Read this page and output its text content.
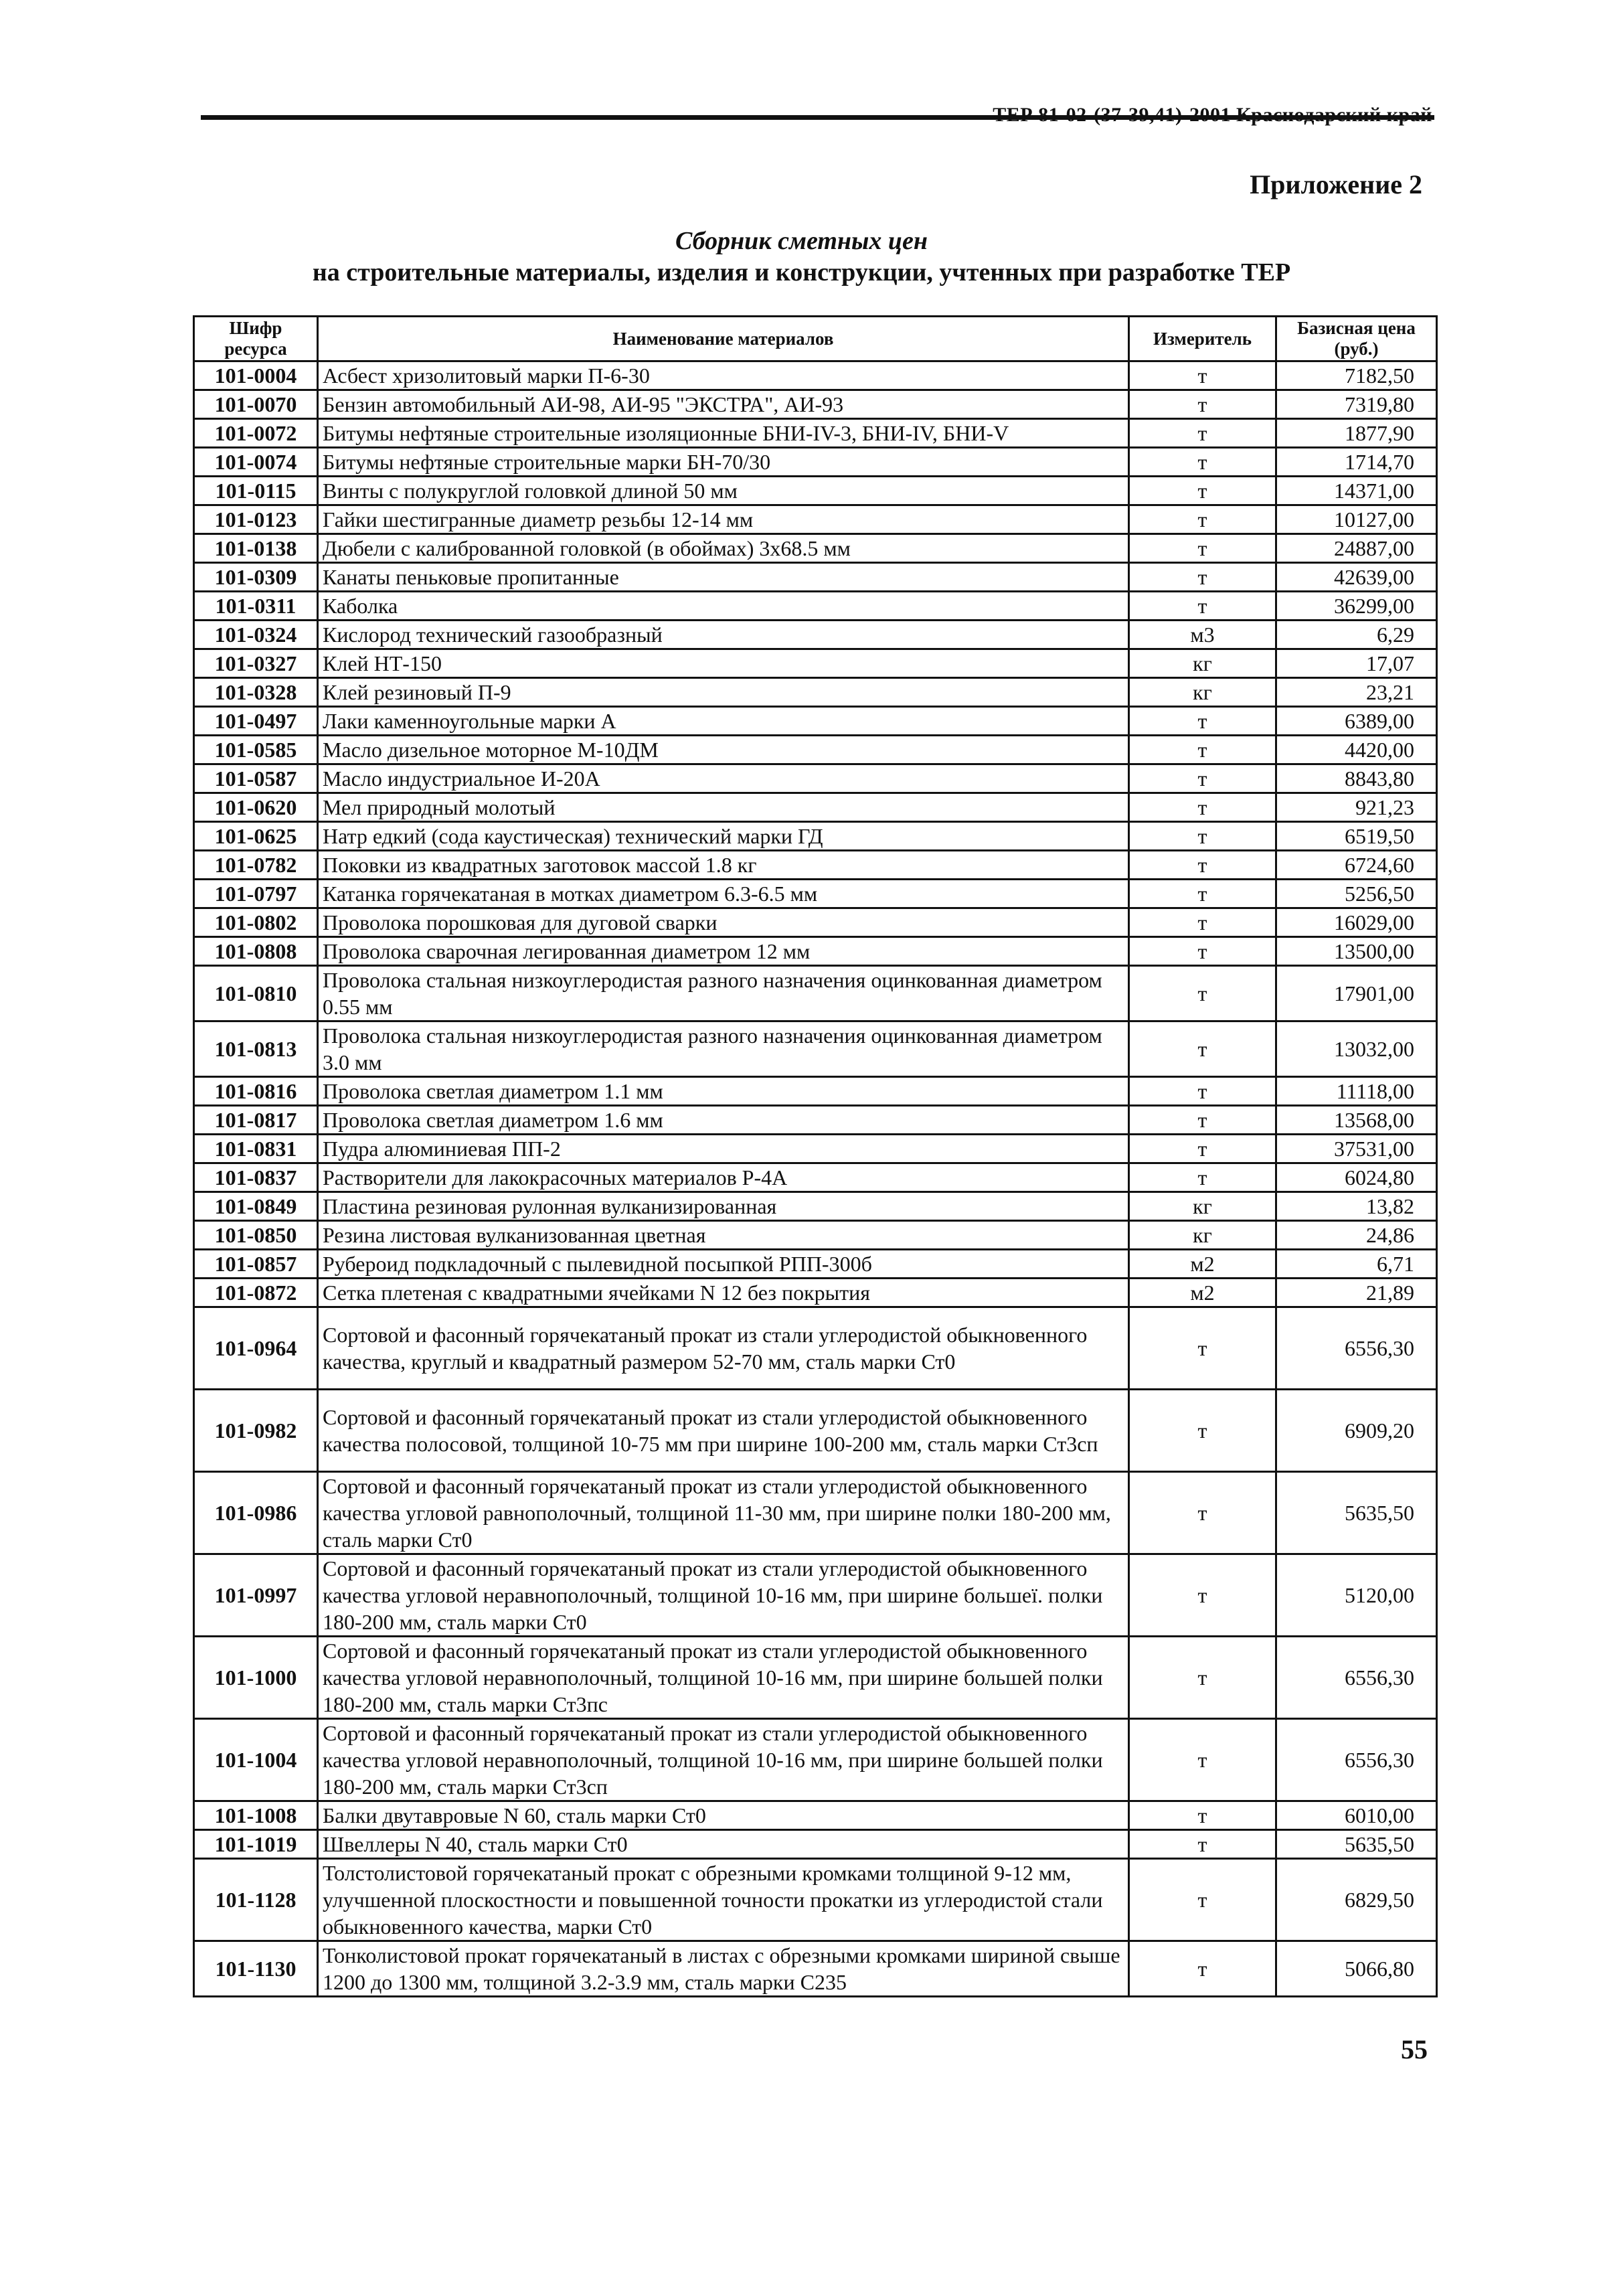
ТЕР 81-02-(37-39,41)-2001 Краснодарский край
Приложение 2
Сборник сметных цен
на строительные материалы, изделия и конструкции, учтенных при разработке ТЕР
Шифр ресурса	Наименование материалов	Измеритель	Базисная цена (руб.)
101-0004	Асбест хризолитовый марки П-6-30	т	7182,50
101-0070	Бензин автомобильный АИ-98, АИ-95 "ЭКСТРА", АИ-93	т	7319,80
101-0072	Битумы нефтяные строительные изоляционные БНИ-IV-3, БНИ-IV, БНИ-V	т	1877,90
101-0074	Битумы нефтяные строительные марки БН-70/30	т	1714,70
101-0115	Винты с полукруглой головкой длиной 50 мм	т	14371,00
101-0123	Гайки шестигранные диаметр резьбы 12-14 мм	т	10127,00
101-0138	Дюбели с калиброванной головкой (в обоймах) 3х68.5 мм	т	24887,00
101-0309	Канаты пеньковые пропитанные	т	42639,00
101-0311	Каболка	т	36299,00
101-0324	Кислород технический газообразный	м3	6,29
101-0327	Клей НТ-150	кг	17,07
101-0328	Клей резиновый П-9	кг	23,21
101-0497	Лаки каменноугольные марки А	т	6389,00
101-0585	Масло дизельное моторное М-10ДМ	т	4420,00
101-0587	Масло индустриальное И-20А	т	8843,80
101-0620	Мел природный молотый	т	921,23
101-0625	Натр едкий (сода каустическая) технический марки ГД	т	6519,50
101-0782	Поковки из квадратных заготовок массой 1.8 кг	т	6724,60
101-0797	Катанка горячекатаная в мотках диаметром 6.3-6.5 мм	т	5256,50
101-0802	Проволока порошковая для дуговой сварки	т	16029,00
101-0808	Проволока сварочная легированная диаметром 12 мм	т	13500,00
101-0810	Проволока стальная низкоуглеродистая разного назначения оцинкованная диаметром 0.55 мм	т	17901,00
101-0813	Проволока стальная низкоуглеродистая разного назначения оцинкованная диаметром 3.0 мм	т	13032,00
101-0816	Проволока светлая диаметром 1.1 мм	т	11118,00
101-0817	Проволока светлая диаметром 1.6 мм	т	13568,00
101-0831	Пудра алюминиевая ПП-2	т	37531,00
101-0837	Растворители для лакокрасочных материалов Р-4А	т	6024,80
101-0849	Пластина резиновая рулонная вулканизированная	кг	13,82
101-0850	Резина листовая вулканизованная цветная	кг	24,86
101-0857	Рубероид подкладочный с пылевидной посыпкой РПП-300б	м2	6,71
101-0872	Сетка плетеная с квадратными ячейками N 12 без покрытия	м2	21,89
101-0964	Сортовой и фасонный горячекатаный прокат из стали углеродистой обыкновенного качества, круглый и квадратный размером 52-70 мм, сталь марки Ст0	т	6556,30
101-0982	Сортовой и фасонный горячекатаный прокат из стали углеродистой обыкновенного качества полосовой, толщиной 10-75 мм при ширине 100-200 мм, сталь марки Ст3сп	т	6909,20
101-0986	Сортовой и фасонный горячекатаный прокат из стали углеродистой обыкновенного качества угловой равнополочный, толщиной 11-30 мм, при ширине полки 180-200 мм, сталь марки Ст0	т	5635,50
101-0997	Сортовой и фасонный горячекатаный прокат из стали углеродистой обыкновенного качества угловой неравнополочный, толщиной 10-16 мм, при ширине большеї. полки 180-200 мм, сталь марки Ст0	т	5120,00
101-1000	Сортовой и фасонный горячекатаный прокат из стали углеродистой обыкновенного качества угловой неравнополочный, толщиной 10-16 мм, при ширине большей полки 180-200 мм, сталь марки Ст3пс	т	6556,30
101-1004	Сортовой и фасонный горячекатаный прокат из стали углеродистой обыкновенного качества угловой неравнополочный, толщиной 10-16 мм, при ширине большей полки 180-200 мм, сталь марки Ст3сп	т	6556,30
101-1008	Балки двутавровые N 60, сталь марки Ст0	т	6010,00
101-1019	Швеллеры N 40, сталь марки Ст0	т	5635,50
101-1128	Толстолистовой горячекатаный прокат с обрезными кромками толщиной 9-12 мм, улучшенной плоскостности и повышенной точности прокатки из углеродистой стали обыкновенного качества, марки Ст0	т	6829,50
101-1130	Тонколистовой прокат горячекатаный в листах с обрезными кромками шириной свыше 1200 до 1300 мм, толщиной 3.2-3.9 мм, сталь марки С235	т	5066,80
55
